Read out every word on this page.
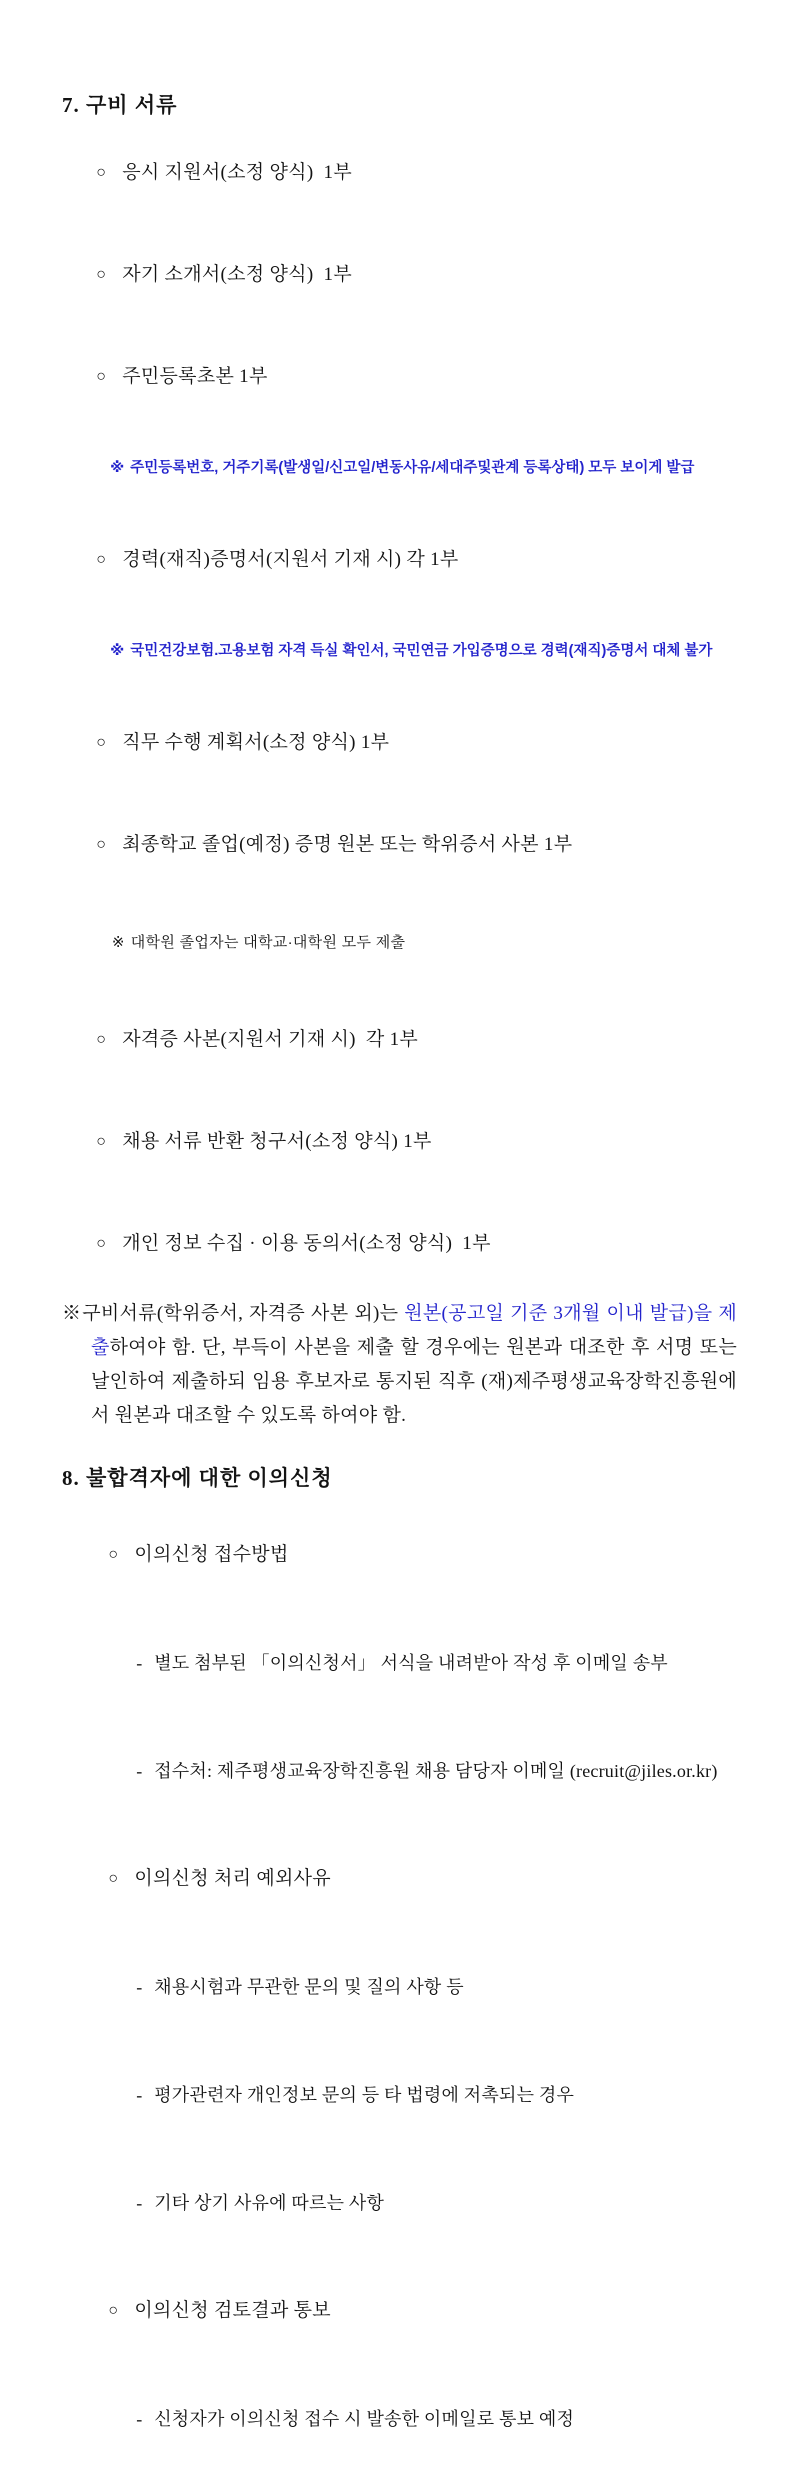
7. 구비 서류

○ 응시 지원서(소정 양식)  1부

○ 자기 소개서(소정 양식)  1부

○ 주민등록초본 1부

※ 주민등록번호, 거주기록(발생일/신고일/변동사유/세대주및관계 등록상태) 모두 보이게 발급

○ 경력(재직)증명서(지원서 기재 시) 각 1부

※ 국민건강보험.고용보험 자격 득실 확인서, 국민연금 가입증명으로 경력(재직)증명서 대체 불가

○ 직무 수행 계획서(소정 양식) 1부

○ 최종학교 졸업(예정) 증명 원본 또는 학위증서 사본 1부

※ 대학원 졸업자는 대학교·대학원 모두 제출

○ 자격증 사본(지원서 기재 시)  각 1부

○ 채용 서류 반환 청구서(소정 양식) 1부

○ 개인 정보 수집 · 이용 동의서(소정 양식)  1부

※구비서류(학위증서, 자격증 사본 외)는 원본(공고일 기준 3개월 이내 발급)을 제출하여야 함. 단, 부득이 사본을 제출 할 경우에는 원본과 대조한 후 서명 또는 날인하여 제출하되 임용 후보자로 통지된 직후 (재)제주평생교육장학진흥원에서 원본과 대조할 수 있도록 하여야 함.
8. 불합격자에 대한 이의신청

○ 이의신청 접수방법

- 별도 첨부된 「이의신청서」 서식을 내려받아 작성 후 이메일 송부

- 접수처: 제주평생교육장학진흥원 채용 담당자 이메일 (recruit@jiles.or.kr)

○ 이의신청 처리 예외사유

- 채용시험과 무관한 문의 및 질의 사항 등

- 평가관련자 개인정보 문의 등 타 법령에 저촉되는 경우

- 기타 상기 사유에 따르는 사항

○ 이의신청 검토결과 통보

- 신청자가 이의신청 접수 시 발송한 이메일로 통보 예정
